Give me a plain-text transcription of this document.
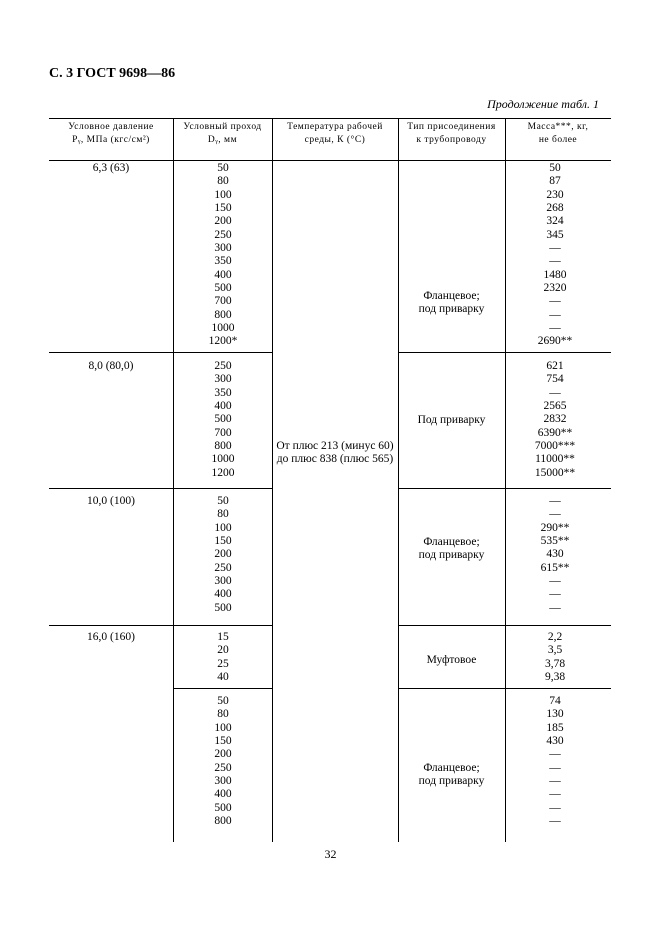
С. 3 ГОСТ 9698—86
Продолжение табл. 1
Условное давление
Pᵧ, МПа (кгс/см²)
Условный проход
Dᵧ, мм
Температура рабочей
среды, К (°С)
Тип присоединения
к трубопроводу
Масса***, кг,
не более
От плюс 213 (минус 60)
до плюс 838 (плюс 565)
6,3 (63)
Фланцевое;
под приварку
50
80
100
150
200
250
300
350
400
500
700
800
1000
1200*
50
87
230
268
324
345
—
—
1480
2320
—
—
—
2690**
8,0 (80,0)
Под приварку
250
300
350
400
500
700
800
1000
1200
621
754
—
2565
2832
6390**
7000***
11000**
15000**
10,0 (100)
Фланцевое;
под приварку
50
80
100
150
200
250
300
400
500
—
—
290**
535**
430
615**
—
—
—
16,0 (160)
Муфтовое
15
20
25
40
2,2
3,5
3,78
9,38
Фланцевое;
под приварку
50
80
100
150
200
250
300
400
500
800
74
130
185
430
—
—
—
—
—
—
32
